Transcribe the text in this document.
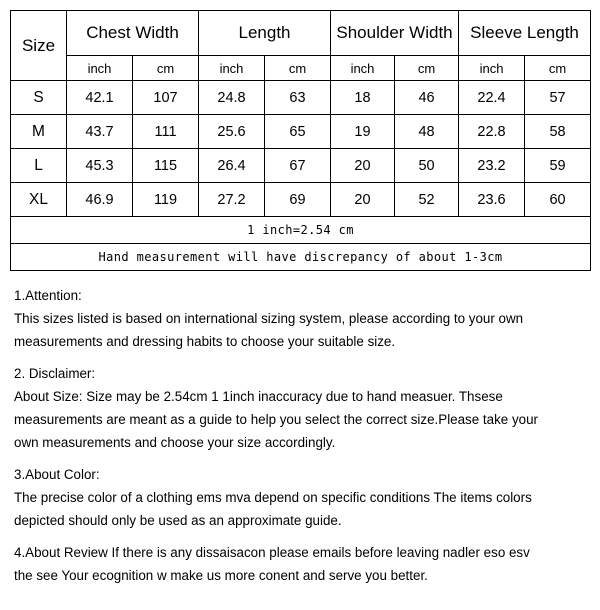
Size	Chest Width		Length		Shoulder Width		Sleeve Length	
	inch	cm	inch	cm	inch	cm	inch	cm
S	42.1	107	24.8	63	18	46	22.4	57
M	43.7	111	25.6	65	19	48	22.8	58
L	45.3	115	26.4	67	20	50	23.2	59
XL	46.9	119	27.2	69	20	52	23.6	60
1 inch=2.54 cm								
Hand measurement will have discrepancy of about 1-3cm								

1.Attention:

This sizes listed is based on international sizing system, please according to your own

measurements and dressing habits to choose your suitable size.

2. Disclaimer:

About Size: Size may be 2.54cm 1 1inch inaccuracy due to hand measuer. Thsese

measurements are meant as a guide to help you select the correct size.Please take your

own measurements and choose your size accordingly.

3.About Color:

The precise color of a clothing ems mva depend on specific conditions The items colors

depicted should only be used as an approximate guide.

4.About Review If there is any dissaisacon please emails before leaving nadler eso esv

the see Your ecognition w make us more conent and serve you better.
